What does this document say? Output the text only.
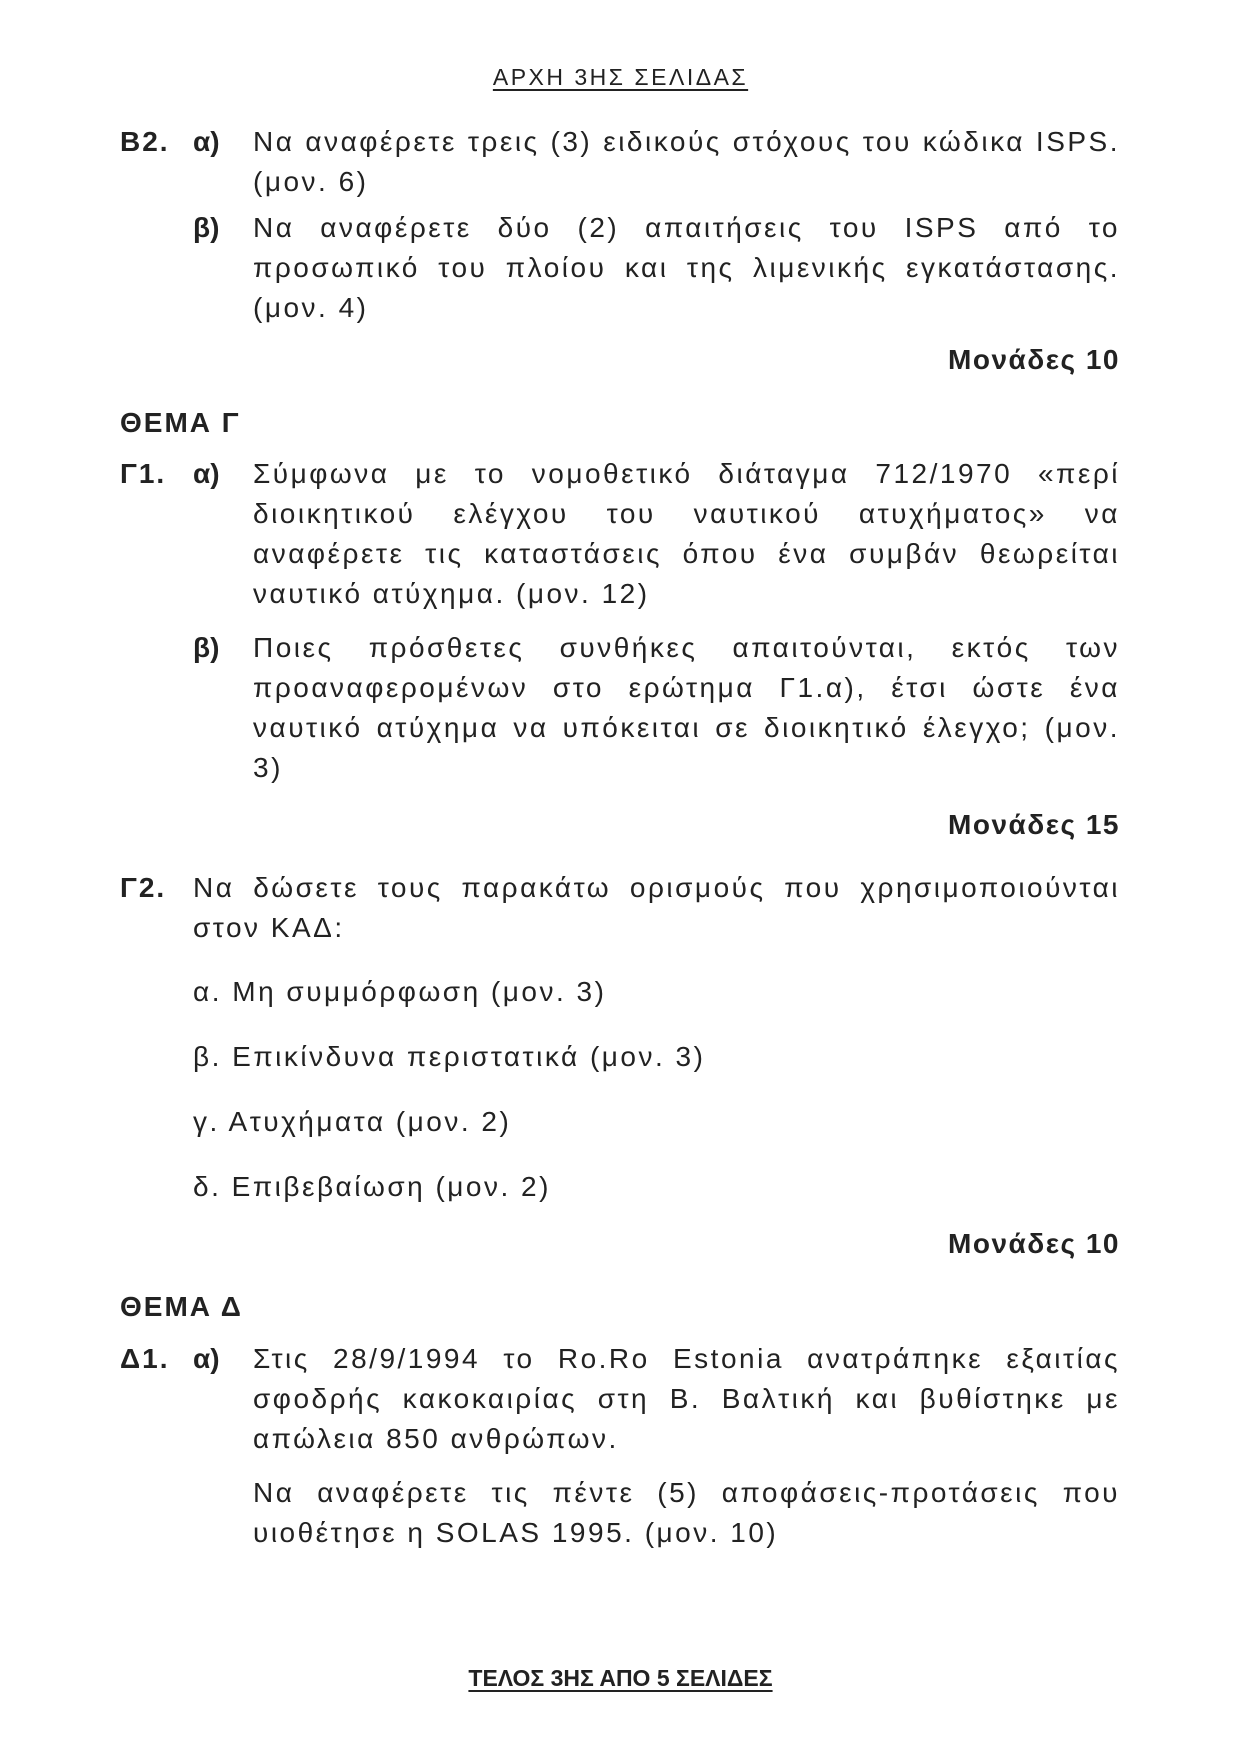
ΑΡΧΗ 3ΗΣ ΣΕΛΙΔΑΣ
Β2. α) Να αναφέρετε τρεις (3) ειδικούς στόχους του κώδικα ISPS. (μον. 6)
β) Να αναφέρετε δύο (2) απαιτήσεις του ISPS από το προσωπικό του πλοίου και της λιμενικής εγκατάστασης. (μον. 4)
Μονάδες 10
ΘΕΜΑ Γ
Γ1. α) Σύμφωνα με το νομοθετικό διάταγμα 712/1970 «περί διοικητικού ελέγχου του ναυτικού ατυχήματος» να αναφέρετε τις καταστάσεις όπου ένα συμβάν θεωρείται ναυτικό ατύχημα. (μον. 12)
β) Ποιες πρόσθετες συνθήκες απαιτούνται, εκτός των προαναφερομένων στο ερώτημα Γ1.α), έτσι ώστε ένα ναυτικό ατύχημα να υπόκειται σε διοικητικό έλεγχο; (μον. 3)
Μονάδες 15
Γ2. Να δώσετε τους παρακάτω ορισμούς που χρησιμοποιούνται στον ΚΑΔ:
α. Μη συμμόρφωση (μον. 3)
β. Επικίνδυνα περιστατικά (μον. 3)
γ. Ατυχήματα (μον. 2)
δ. Επιβεβαίωση (μον. 2)
Μονάδες 10
ΘΕΜΑ Δ
Δ1. α) Στις 28/9/1994 το Ro.Ro Estonia ανατράπηκε εξαιτίας σφοδρής κακοκαιρίας στη Β. Βαλτική και βυθίστηκε με απώλεια 850 ανθρώπων.
Να αναφέρετε τις πέντε (5) αποφάσεις-προτάσεις που υιοθέτησε η SOLAS 1995. (μον. 10)
ΤΕΛΟΣ 3ΗΣ ΑΠΟ 5 ΣΕΛΙΔΕΣ
